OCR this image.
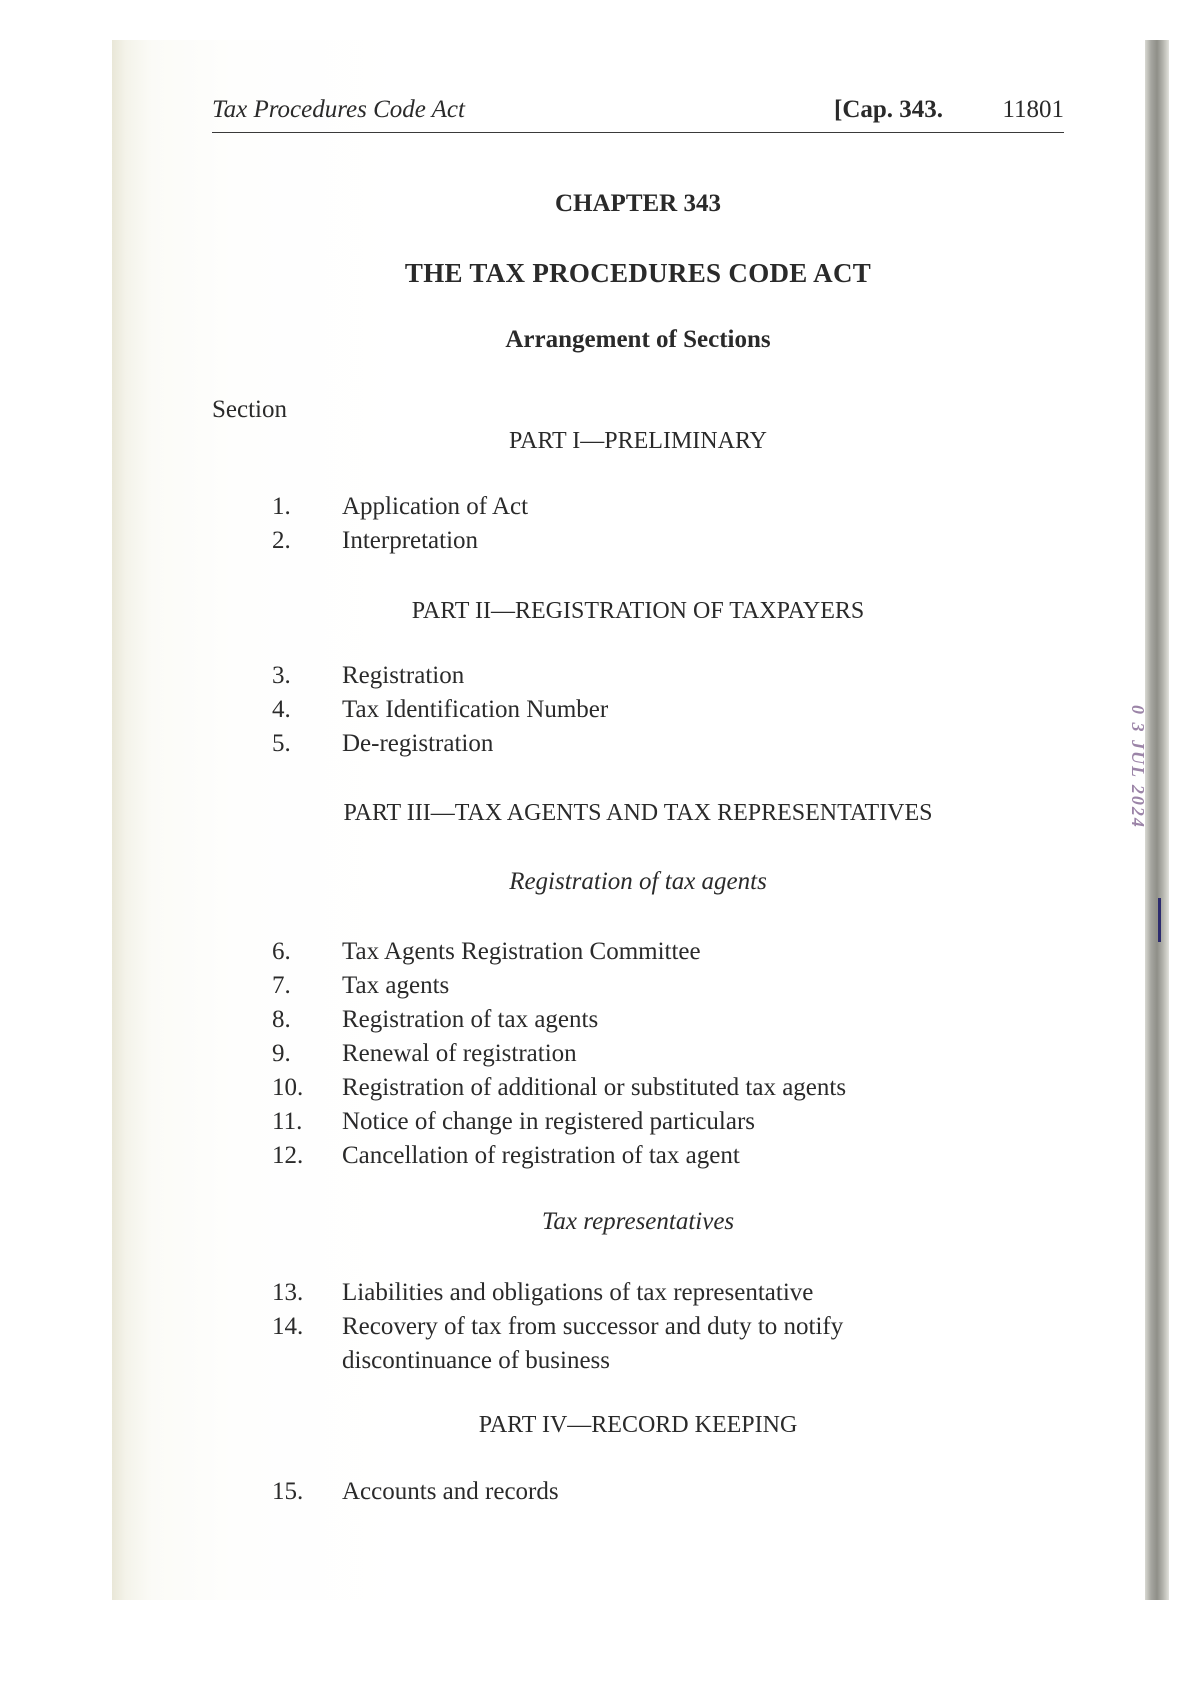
Tax Procedures Code Act	[Cap. 343. 11801
CHAPTER 343
THE TAX PROCEDURES CODE ACT
Arrangement of Sections
Section
PART I—PRELIMINARY
1.	Application of Act
2.	Interpretation
PART II—REGISTRATION OF TAXPAYERS
3.	Registration
4.	Tax Identification Number
5.	De-registration
PART III—TAX AGENTS AND TAX REPRESENTATIVES
Registration of tax agents
6.	Tax Agents Registration Committee
7.	Tax agents
8.	Registration of tax agents
9.	Renewal of registration
10.	Registration of additional or substituted tax agents
11.	Notice of change in registered particulars
12.	Cancellation of registration of tax agent
Tax representatives
13.	Liabilities and obligations of tax representative
14.	Recovery of tax from successor and duty to notify discontinuance of business
PART IV—RECORD KEEPING
15.	Accounts and records
0 3 JUL 2024
